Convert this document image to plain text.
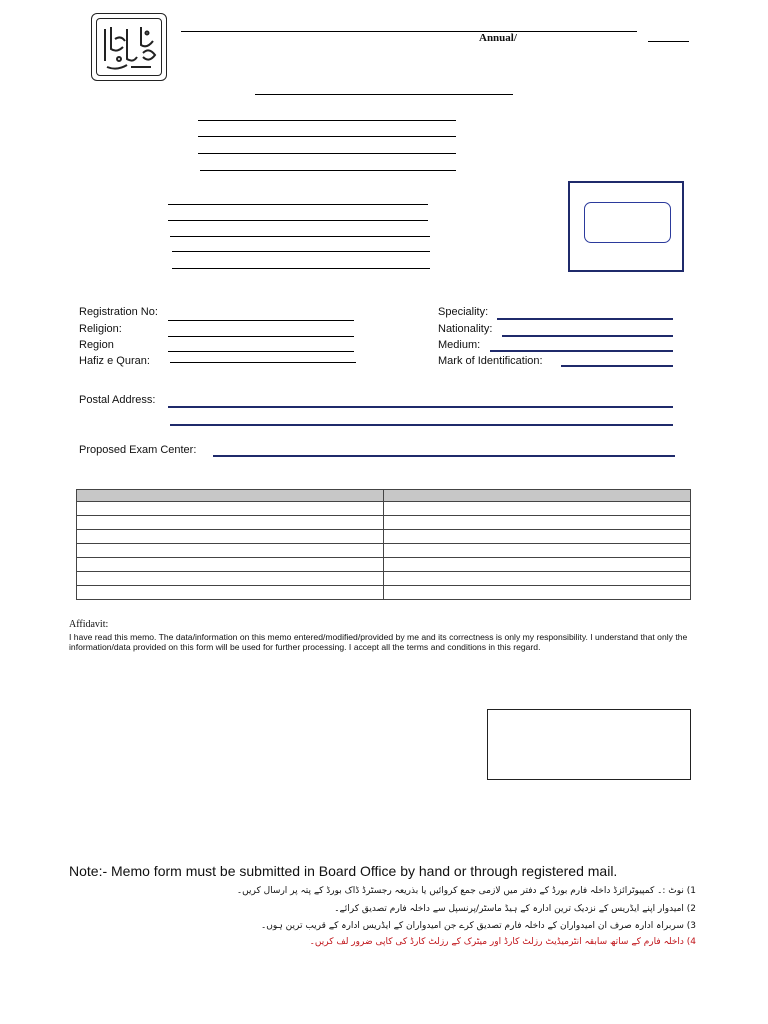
Annual/
Registration No:
Religion:
Region
Hafiz e Quran:
Speciality:
Nationality:
Medium:
Mark of Identification:
Postal Address:
Proposed Exam Center:

Affidavit:
I have read this memo. The data/information on this memo entered/modified/provided by me and its correctness is only my responsibility. I understand that only the information/data provided on this form will be used for further processing. I accept all the terms and conditions in this regard.
Note:- Memo form must be submitted in Board Office by hand or through registered mail.
1) نوٹ :۔ کمپیوٹرائزڈ داخلہ فارم بورڈ کے دفتر میں لازمی جمع کروائیں یا بذریعہ رجسٹرڈ ڈاک بورڈ کے پتہ پر ارسال کریں۔
2) امیدوار اپنے ایڈریس کے نزدیک ترین ادارہ کے ہیڈ ماسٹر/پرنسپل سے داخلہ فارم تصدیق کرائے۔
3) سربراہ ادارہ صرف ان امیدواران کے داخلہ فارم تصدیق کرے جن امیدواران کے ایڈریس ادارہ کے قریب ترین ہوں۔
4) داخلہ فارم کے ساتھ سابقہ انٹرمیڈیٹ رزلٹ کارڈ اور میٹرک کے رزلٹ کارڈ کی کاپی ضرور لف کریں۔
